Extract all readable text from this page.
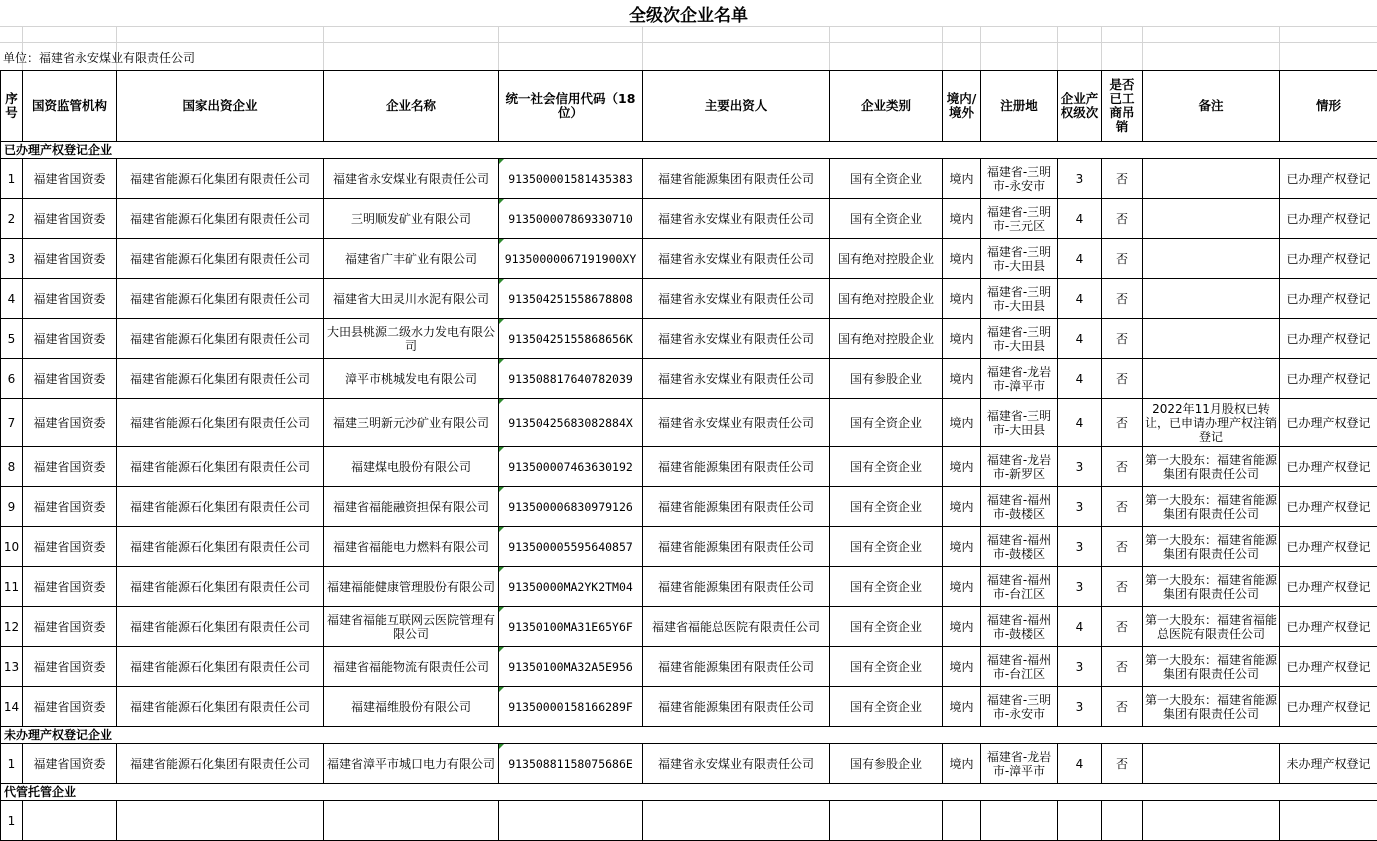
全级次企业名单
单位：福建省永安煤业有限责任公司
序号	国资监管机构	国家出资企业	企业名称	统一社会信用代码（18位）	主要出资人	企业类别	境内/境外	注册地	企业产权级次	是否已工商吊销	备注	情形
已办理产权登记企业												
1	福建省国资委	福建省能源石化集团有限责任公司	福建省永安煤业有限责任公司	913500001581435383	福建省能源集团有限责任公司	国有全资企业	境内	福建省-三明市-永安市	3	否		已办理产权登记
2	福建省国资委	福建省能源石化集团有限责任公司	三明顺发矿业有限公司	913500007869330710	福建省永安煤业有限责任公司	国有全资企业	境内	福建省-三明市-三元区	4	否		已办理产权登记
3	福建省国资委	福建省能源石化集团有限责任公司	福建省广丰矿业有限公司	91350000067191900XY	福建省永安煤业有限责任公司	国有绝对控股企业	境内	福建省-三明市-大田县	4	否		已办理产权登记
4	福建省国资委	福建省能源石化集团有限责任公司	福建省大田灵川水泥有限公司	913504251558678808	福建省永安煤业有限责任公司	国有绝对控股企业	境内	福建省-三明市-大田县	4	否		已办理产权登记
5	福建省国资委	福建省能源石化集团有限责任公司	大田县桃源二级水力发电有限公司	91350425155868656K	福建省永安煤业有限责任公司	国有绝对控股企业	境内	福建省-三明市-大田县	4	否		已办理产权登记
6	福建省国资委	福建省能源石化集团有限责任公司	漳平市桃城发电有限公司	913508817640782039	福建省永安煤业有限责任公司	国有参股企业	境内	福建省-龙岩市-漳平市	4	否		已办理产权登记
7	福建省国资委	福建省能源石化集团有限责任公司	福建三明新元沙矿业有限公司	91350425683082884X	福建省永安煤业有限责任公司	国有全资企业	境内	福建省-三明市-大田县	4	否	2022年11月股权已转让，已申请办理产权注销登记	已办理产权登记
8	福建省国资委	福建省能源石化集团有限责任公司	福建煤电股份有限公司	913500007463630192	福建省能源集团有限责任公司	国有全资企业	境内	福建省-龙岩市-新罗区	3	否	第一大股东：福建省能源集团有限责任公司	已办理产权登记
9	福建省国资委	福建省能源石化集团有限责任公司	福建省福能融资担保有限公司	913500006830979126	福建省能源集团有限责任公司	国有全资企业	境内	福建省-福州市-鼓楼区	3	否	第一大股东：福建省能源集团有限责任公司	已办理产权登记
10	福建省国资委	福建省能源石化集团有限责任公司	福建省福能电力燃料有限公司	913500005595640857	福建省能源集团有限责任公司	国有全资企业	境内	福建省-福州市-鼓楼区	3	否	第一大股东：福建省能源集团有限责任公司	已办理产权登记
11	福建省国资委	福建省能源石化集团有限责任公司	福建福能健康管理股份有限公司	91350000MA2YK2TM04	福建省能源集团有限责任公司	国有全资企业	境内	福建省-福州市-台江区	3	否	第一大股东：福建省能源集团有限责任公司	已办理产权登记
12	福建省国资委	福建省能源石化集团有限责任公司	福建省福能互联网云医院管理有限公司	91350100MA31E65Y6F	福建省福能总医院有限责任公司	国有全资企业	境内	福建省-福州市-鼓楼区	4	否	第一大股东：福建省福能总医院有限责任公司	已办理产权登记
13	福建省国资委	福建省能源石化集团有限责任公司	福建省福能物流有限责任公司	91350100MA32A5E956	福建省能源集团有限责任公司	国有全资企业	境内	福建省-福州市-台江区	3	否	第一大股东：福建省能源集团有限责任公司	已办理产权登记
14	福建省国资委	福建省能源石化集团有限责任公司	福建福维股份有限公司	91350000158166289F	福建省能源集团有限责任公司	国有全资企业	境内	福建省-三明市-永安市	3	否	第一大股东：福建省能源集团有限责任公司	已办理产权登记
未办理产权登记企业												
1	福建省国资委	福建省能源石化集团有限责任公司	福建省漳平市城口电力有限公司	91350881158075686E	福建省永安煤业有限责任公司	国有参股企业	境内	福建省-龙岩市-漳平市	4	否		未办理产权登记
代管托管企业												
1												
